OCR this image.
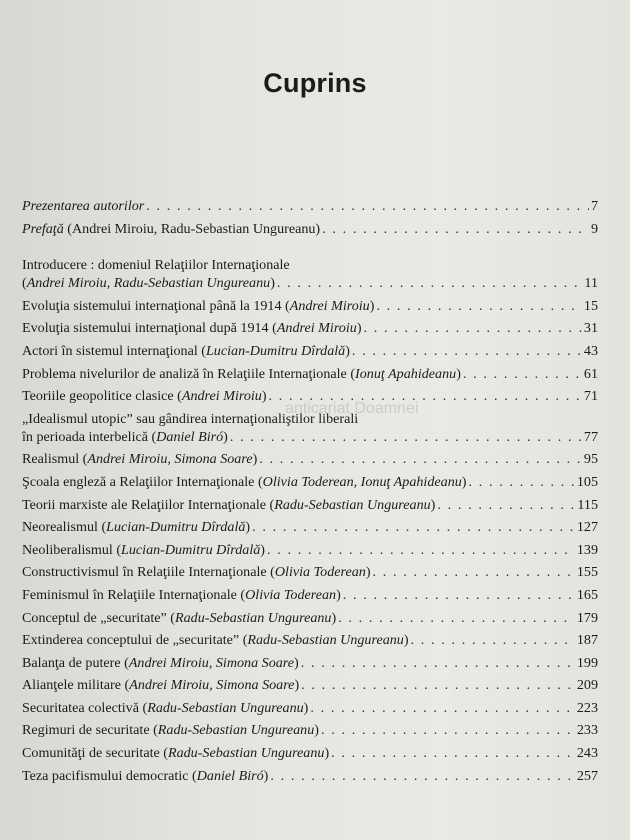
Cuprins
anticariat Doamnei
Prezentarea autorilor . . .	7
Prefaţă (Andrei Miroiu, Radu-Sebastian Ungureanu) . . .	9
Introducere : domeniul Relaţiilor Internaţionale
(Andrei Miroiu, Radu-Sebastian Ungureanu) . . .	11
Evoluţia sistemului internaţional până la 1914 (Andrei Miroiu) . . .	15
Evoluţia sistemului internaţional după 1914 (Andrei Miroiu) . . .	31
Actori în sistemul internaţional (Lucian-Dumitru Dîrdală) . . .	43
Problema nivelurilor de analiză în Relaţiile Internaţionale (Ionuţ Apahideanu) . . .	61
Teoriile geopolitice clasice (Andrei Miroiu) . . .	71
„Idealismul utopic” sau gândirea internaţionaliştilor liberali
în perioada interbelică (Daniel Biró) . . .	77
Realismul (Andrei Miroiu, Simona Soare) . . .	95
Şcoala engleză a Relaţiilor Internaţionale (Olivia Toderean, Ionuţ Apahideanu) . . .	105
Teorii marxiste ale Relaţiilor Internaţionale (Radu-Sebastian Ungureanu) . . .	115
Neorealismul (Lucian-Dumitru Dîrdală) . . .	127
Neoliberalismul (Lucian-Dumitru Dîrdală) . . .	139
Constructivismul în Relaţiile Internaţionale (Olivia Toderean) . . .	155
Feminismul în Relaţiile Internaţionale (Olivia Toderean) . . .	165
Conceptul de „securitate” (Radu-Sebastian Ungureanu) . . .	179
Extinderea conceptului de „securitate” (Radu-Sebastian Ungureanu) . . .	187
Balanţa de putere (Andrei Miroiu, Simona Soare) . . .	199
Alianţele militare (Andrei Miroiu, Simona Soare) . . .	209
Securitatea colectivă (Radu-Sebastian Ungureanu) . . .	223
Regimuri de securitate (Radu-Sebastian Ungureanu) . . .	233
Comunităţi de securitate (Radu-Sebastian Ungureanu) . . .	243
Teza pacifismului democratic (Daniel Biró) . . .	257
